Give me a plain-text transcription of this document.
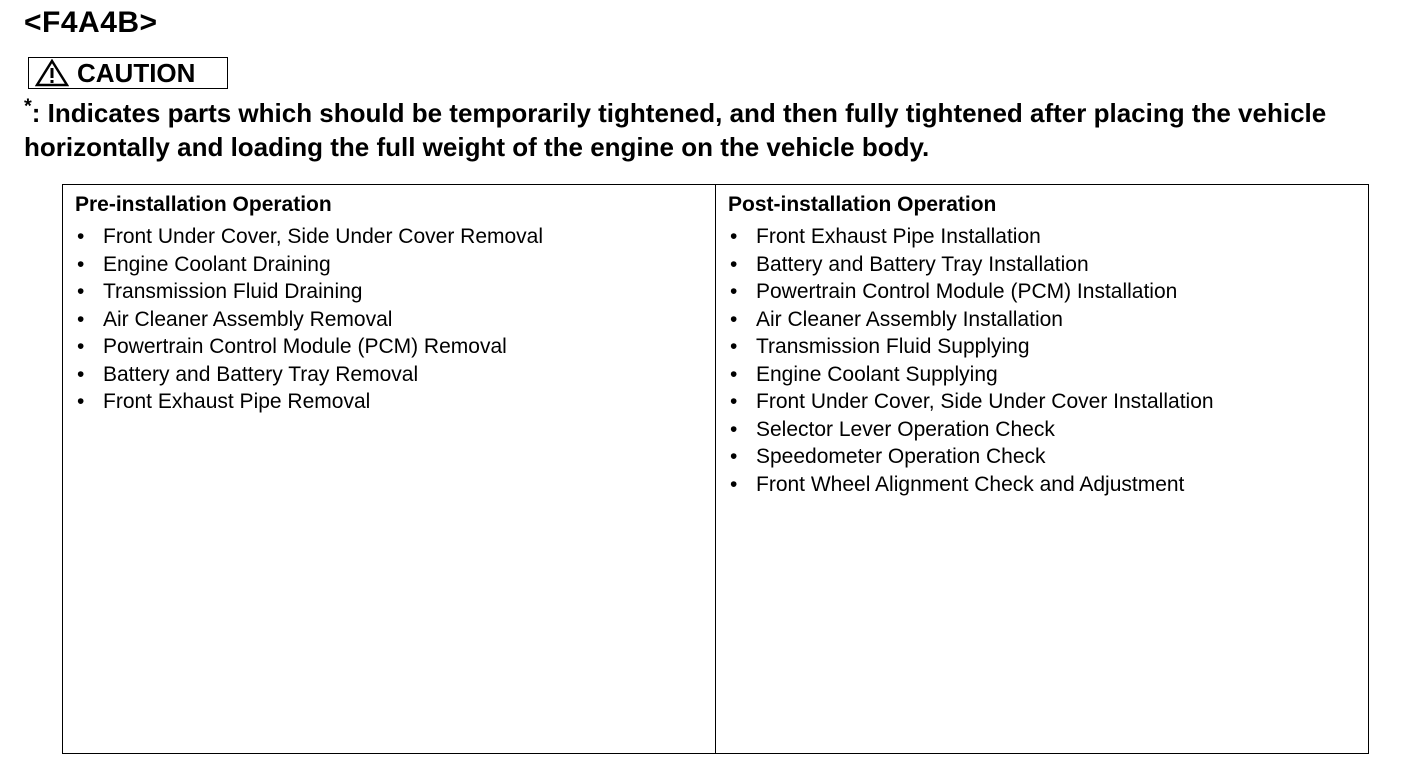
<F4A4B>
CAUTION
*: Indicates parts which should be temporarily tightened, and then fully tightened after placing the vehicle horizontally and loading the full weight of the engine on the vehicle body.
Pre-installation Operation
• Front Under Cover, Side Under Cover Removal
• Engine Coolant Draining
• Transmission Fluid Draining
• Air Cleaner Assembly Removal
• Powertrain Control Module (PCM) Removal
• Battery and Battery Tray Removal
• Front Exhaust Pipe Removal
Post-installation Operation
• Front Exhaust Pipe Installation
• Battery and Battery Tray Installation
• Powertrain Control Module (PCM) Installation
• Air Cleaner Assembly Installation
• Transmission Fluid Supplying
• Engine Coolant Supplying
• Front Under Cover, Side Under Cover Installation
• Selector Lever Operation Check
• Speedometer Operation Check
• Front Wheel Alignment Check and Adjustment
